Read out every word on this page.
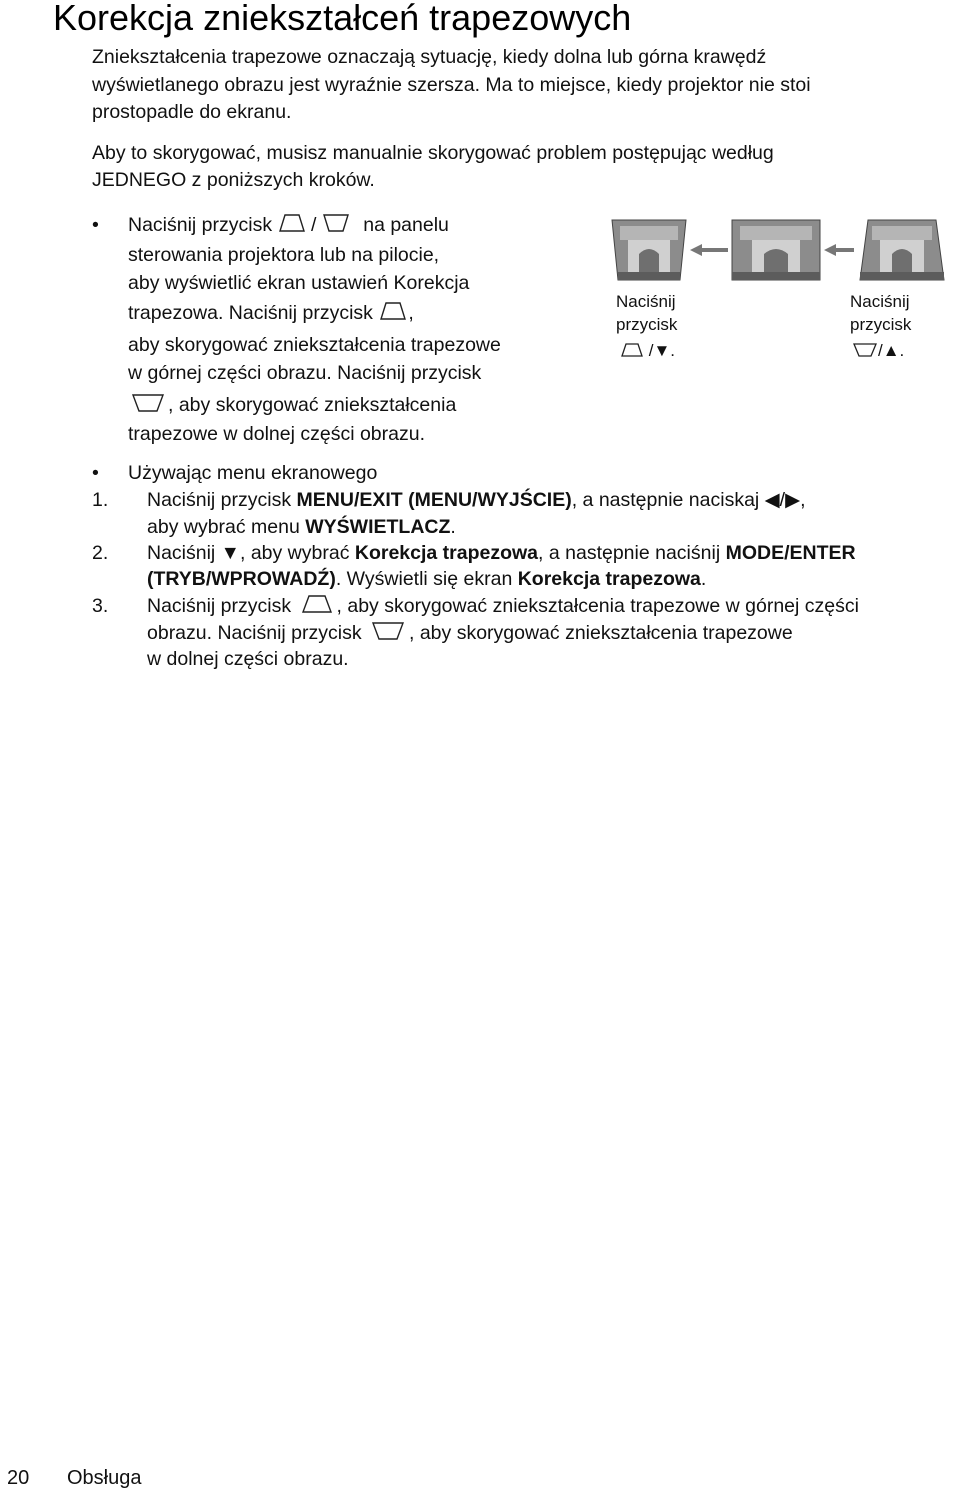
Korekcja zniekształceń trapezowych
Zniekształcenia trapezowe oznaczają sytuację, kiedy dolna lub górna krawędź
wyświetlanego obrazu jest wyraźnie szersza. Ma to miejsce, kiedy projektor nie stoi
prostopadle do ekranu.
Aby to skorygować, musisz manualnie skorygować problem postępując według
JEDNEGO z poniższych kroków.
• Naciśnij przycisk / na panelu
sterowania projektora lub na pilocie,
aby wyświetlić ekran ustawień Korekcja
trapezowa. Naciśnij przycisk ,
aby skorygować zniekształcenia trapezowe
w górnej części obrazu. Naciśnij przycisk
, aby skorygować zniekształcenia
trapezowe w dolnej części obrazu.
Naciśnij
przycisk
/▼.
Naciśnij
przycisk
/▲.
• Używając menu ekranowego
1. Naciśnij przycisk MENU/EXIT (MENU/WYJŚCIE), a następnie naciskaj ◀/▶,
aby wybrać menu WYŚWIETLACZ.
2. Naciśnij ▼, aby wybrać Korekcja trapezowa, a następnie naciśnij MODE/ENTER
(TRYB/WPROWADŹ). Wyświetli się ekran Korekcja trapezowa.
3. Naciśnij przycisk , aby skorygować zniekształcenia trapezowe w górnej części
obrazu. Naciśnij przycisk , aby skorygować zniekształcenia trapezowe
w dolnej części obrazu.
20 Obsługa
